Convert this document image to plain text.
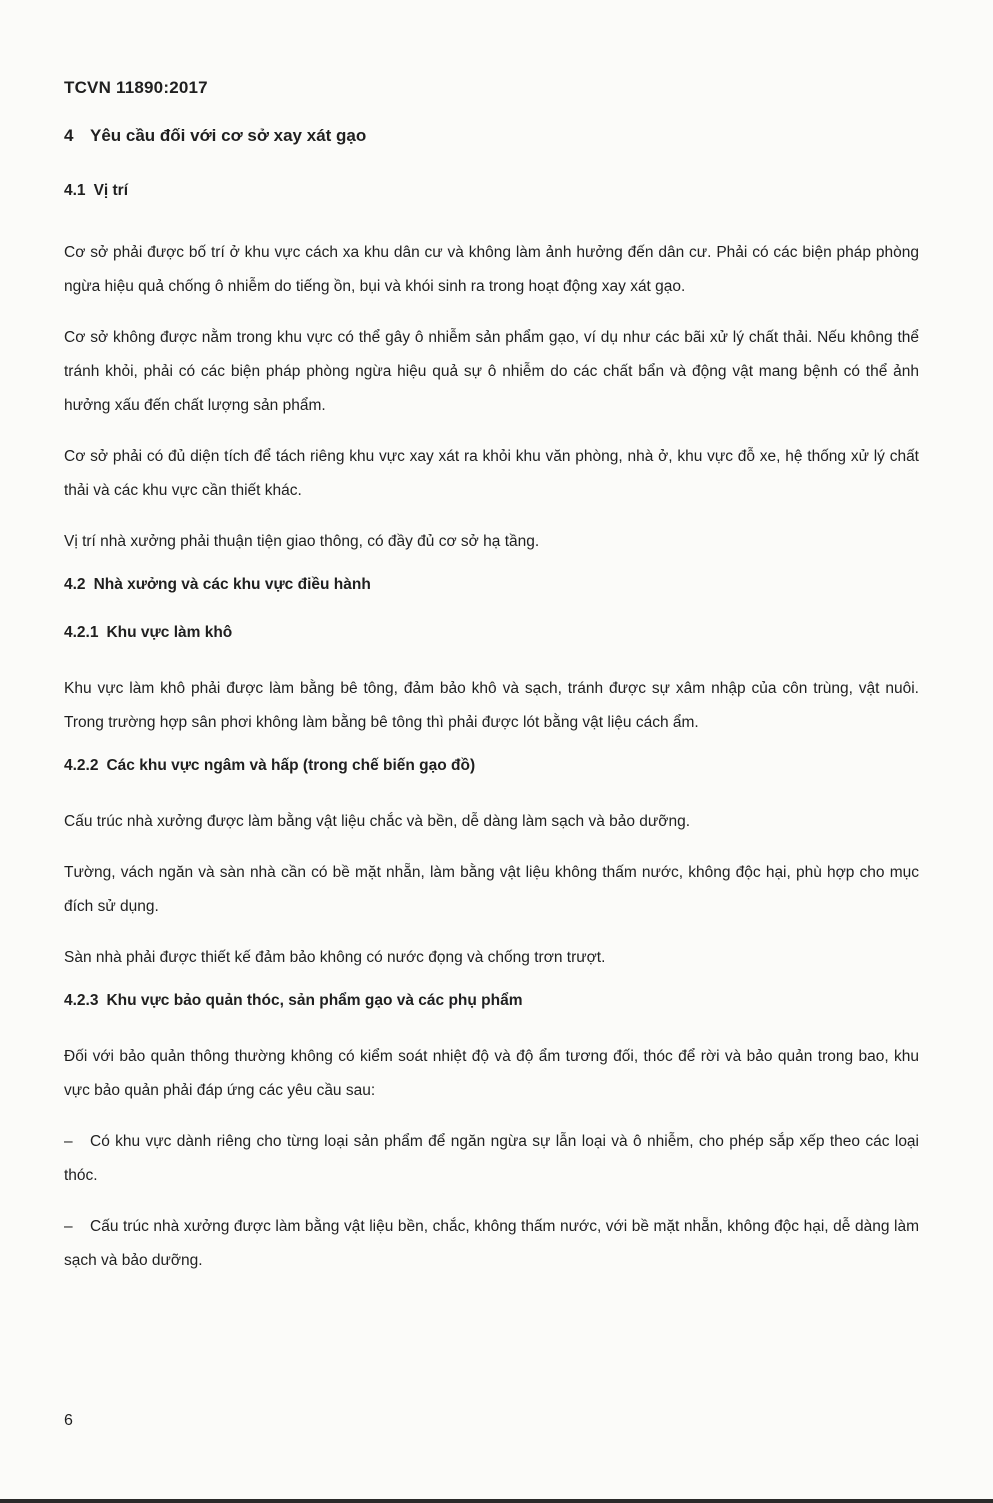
TCVN 11890:2017
4 Yêu cầu đối với cơ sở xay xát gạo
4.1 Vị trí

Cơ sở phải được bố trí ở khu vực cách xa khu dân cư và không làm ảnh hưởng đến dân cư. Phải có các biện pháp phòng ngừa hiệu quả chống ô nhiễm do tiếng ồn, bụi và khói sinh ra trong hoạt động xay xát gạo.

Cơ sở không được nằm trong khu vực có thể gây ô nhiễm sản phẩm gạo, ví dụ như các bãi xử lý chất thải. Nếu không thể tránh khỏi, phải có các biện pháp phòng ngừa hiệu quả sự ô nhiễm do các chất bẩn và động vật mang bệnh có thể ảnh hưởng xấu đến chất lượng sản phẩm.

Cơ sở phải có đủ diện tích để tách riêng khu vực xay xát ra khỏi khu văn phòng, nhà ở, khu vực đỗ xe, hệ thống xử lý chất thải và các khu vực cần thiết khác.

Vị trí nhà xưởng phải thuận tiện giao thông, có đầy đủ cơ sở hạ tầng.

4.2 Nhà xưởng và các khu vực điều hành
4.2.1 Khu vực làm khô

Khu vực làm khô phải được làm bằng bê tông, đảm bảo khô và sạch, tránh được sự xâm nhập của côn trùng, vật nuôi. Trong trường hợp sân phơi không làm bằng bê tông thì phải được lót bằng vật liệu cách ẩm.

4.2.2 Các khu vực ngâm và hấp (trong chế biến gạo đồ)

Cấu trúc nhà xưởng được làm bằng vật liệu chắc và bền, dễ dàng làm sạch và bảo dưỡng.

Tường, vách ngăn và sàn nhà cần có bề mặt nhẵn, làm bằng vật liệu không thấm nước, không độc hại, phù hợp cho mục đích sử dụng.

Sàn nhà phải được thiết kế đảm bảo không có nước đọng và chống trơn trượt.

4.2.3 Khu vực bảo quản thóc, sản phẩm gạo và các phụ phẩm

Đối với bảo quản thông thường không có kiểm soát nhiệt độ và độ ẩm tương đối, thóc để rời và bảo quản trong bao, khu vực bảo quản phải đáp ứng các yêu cầu sau:

– Có khu vực dành riêng cho từng loại sản phẩm để ngăn ngừa sự lẫn loại và ô nhiễm, cho phép sắp xếp theo các loại thóc.

– Cấu trúc nhà xưởng được làm bằng vật liệu bền, chắc, không thấm nước, với bề mặt nhẵn, không độc hại, dễ dàng làm sạch và bảo dưỡng.

6
